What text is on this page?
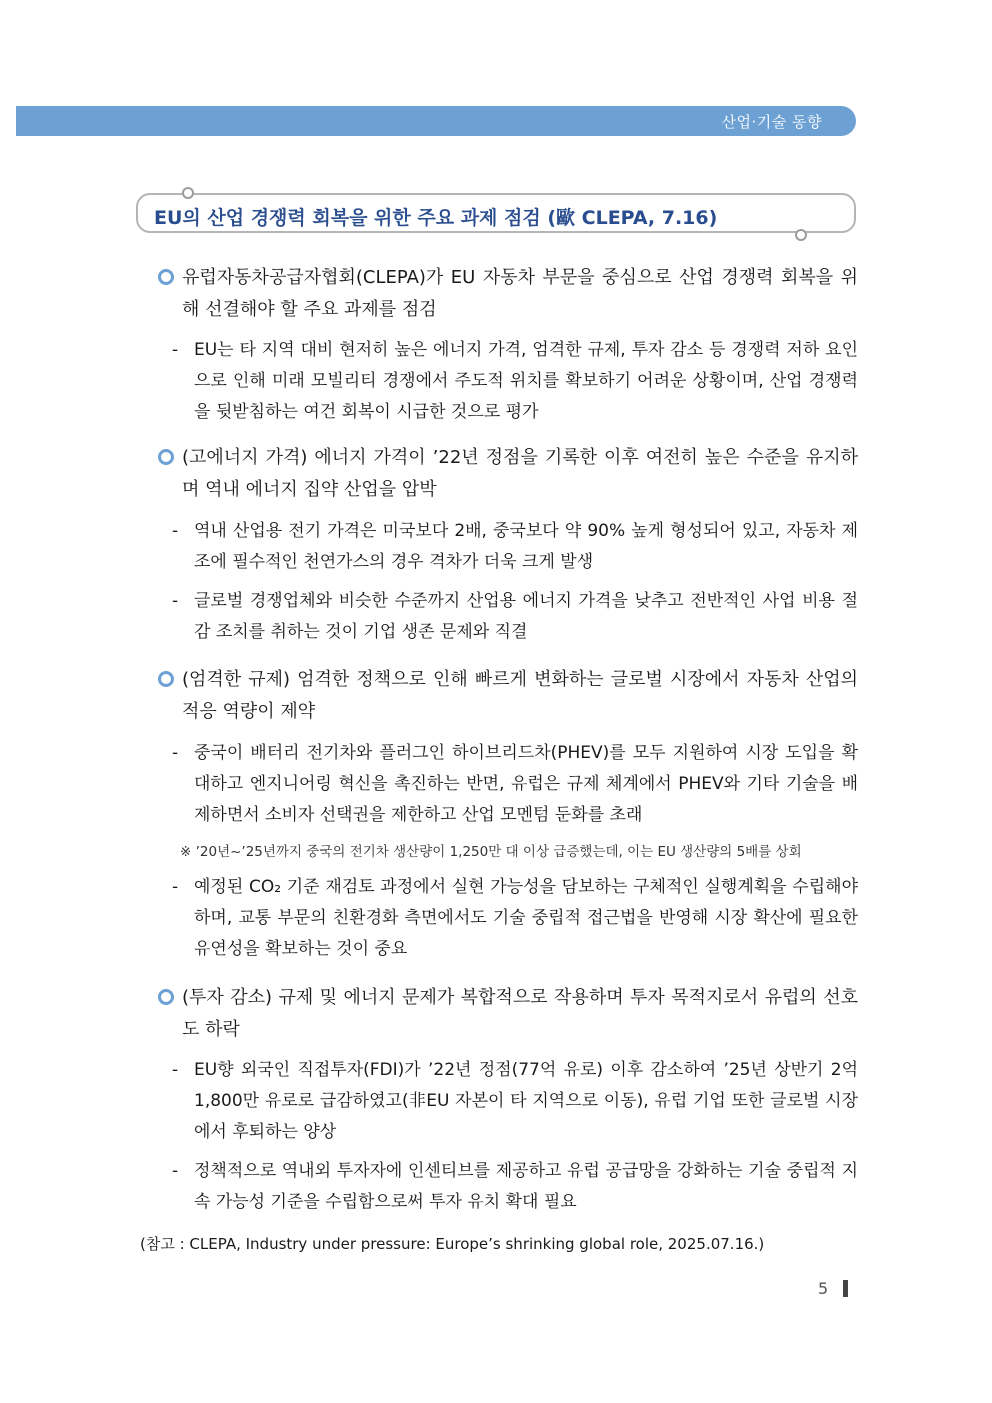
산업·기술 동향
EU의 산업 경쟁력 회복을 위한 주요 과제 점검 (歐 CLEPA, 7.16)
유럽자동차공급자협회(CLEPA)가 EU 자동차 부문을 중심으로 산업 경쟁력 회복을 위해 선결해야 할 주요 과제를 점검
- EU는 타 지역 대비 현저히 높은 에너지 가격, 엄격한 규제, 투자 감소 등 경쟁력 저하 요인으로 인해 미래 모빌리티 경쟁에서 주도적 위치를 확보하기 어려운 상황이며, 산업 경쟁력을 뒷받침하는 여건 회복이 시급한 것으로 평가
(고에너지 가격) 에너지 가격이 ’22년 정점을 기록한 이후 여전히 높은 수준을 유지하며 역내 에너지 집약 산업을 압박
- 역내 산업용 전기 가격은 미국보다 2배, 중국보다 약 90% 높게 형성되어 있고, 자동차 제조에 필수적인 천연가스의 경우 격차가 더욱 크게 발생
- 글로벌 경쟁업체와 비슷한 수준까지 산업용 에너지 가격을 낮추고 전반적인 사업 비용 절감 조치를 취하는 것이 기업 생존 문제와 직결
(엄격한 규제) 엄격한 정책으로 인해 빠르게 변화하는 글로벌 시장에서 자동차 산업의 적응 역량이 제약
- 중국이 배터리 전기차와 플러그인 하이브리드차(PHEV)를 모두 지원하여 시장 도입을 확대하고 엔지니어링 혁신을 촉진하는 반면, 유럽은 규제 체계에서 PHEV와 기타 기술을 배제하면서 소비자 선택권을 제한하고 산업 모멘텀 둔화를 초래
※ ’20년~’25년까지 중국의 전기차 생산량이 1,250만 대 이상 급증했는데, 이는 EU 생산량의 5배를 상회
- 예정된 CO₂ 기준 재검토 과정에서 실현 가능성을 담보하는 구체적인 실행계획을 수립해야 하며, 교통 부문의 친환경화 측면에서도 기술 중립적 접근법을 반영해 시장 확산에 필요한 유연성을 확보하는 것이 중요
(투자 감소) 규제 및 에너지 문제가 복합적으로 작용하며 투자 목적지로서 유럽의 선호도 하락
- EU향 외국인 직접투자(FDI)가 ’22년 정점(77억 유로) 이후 감소하여 ’25년 상반기 2억 1,800만 유로로 급감하였고(非EU 자본이 타 지역으로 이동), 유럽 기업 또한 글로벌 시장에서 후퇴하는 양상
- 정책적으로 역내외 투자자에 인센티브를 제공하고 유럽 공급망을 강화하는 기술 중립적 지속 가능성 기준을 수립함으로써 투자 유치 확대 필요
(참고 : CLEPA, Industry under pressure: Europe’s shrinking global role, 2025.07.16.)
5
